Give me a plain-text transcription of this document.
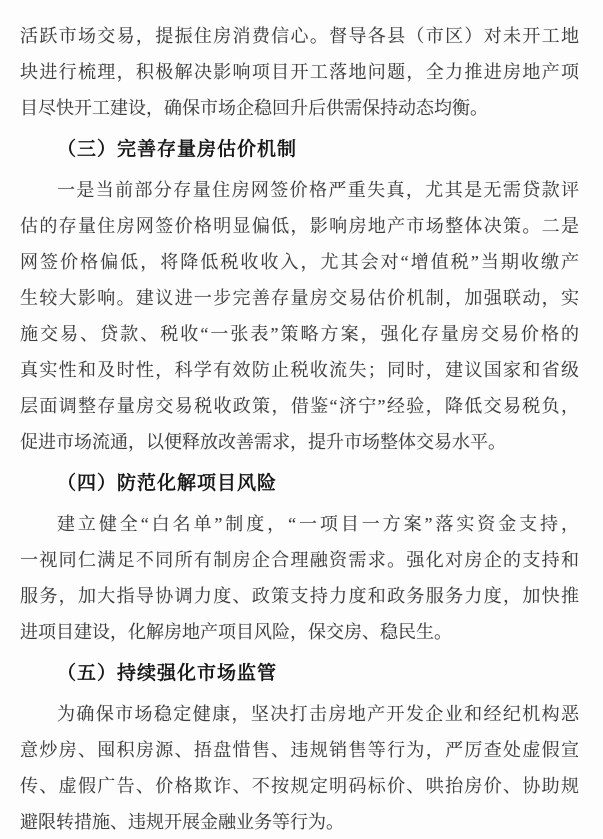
活跃市场交易，提振住房消费信心。督导各县（市区）对未开工地
块进行梳理，积极解决影响项目开工落地问题，全力推进房地产项
目尽快开工建设，确保市场企稳回升后供需保持动态均衡。
（三）完善存量房估价机制
一是当前部分存量住房网签价格严重失真，尤其是无需贷款评
估的存量住房网签价格明显偏低，影响房地产市场整体决策。二是
网签价格偏低，将降低税收收入，尤其会对“增值税”当期收缴产
生较大影响。建议进一步完善存量房交易估价机制，加强联动，实
施交易、贷款、税收“一张表”策略方案，强化存量房交易价格的
真实性和及时性，科学有效防止税收流失；同时，建议国家和省级
层面调整存量房交易税收政策，借鉴“济宁”经验，降低交易税负，
促进市场流通，以便释放改善需求，提升市场整体交易水平。
（四）防范化解项目风险
建立健全“白名单”制度，“一项目一方案”落实资金支持，
一视同仁满足不同所有制房企合理融资需求。强化对房企的支持和
服务，加大指导协调力度、政策支持力度和政务服务力度，加快推
进项目建设，化解房地产项目风险，保交房、稳民生。
（五）持续强化市场监管
为确保市场稳定健康，坚决打击房地产开发企业和经纪机构恶
意炒房、囤积房源、捂盘惜售、违规销售等行为，严厉查处虚假宣
传、虚假广告、价格欺诈、不按规定明码标价、哄抬房价、协助规
避限转措施、违规开展金融业务等行为。
